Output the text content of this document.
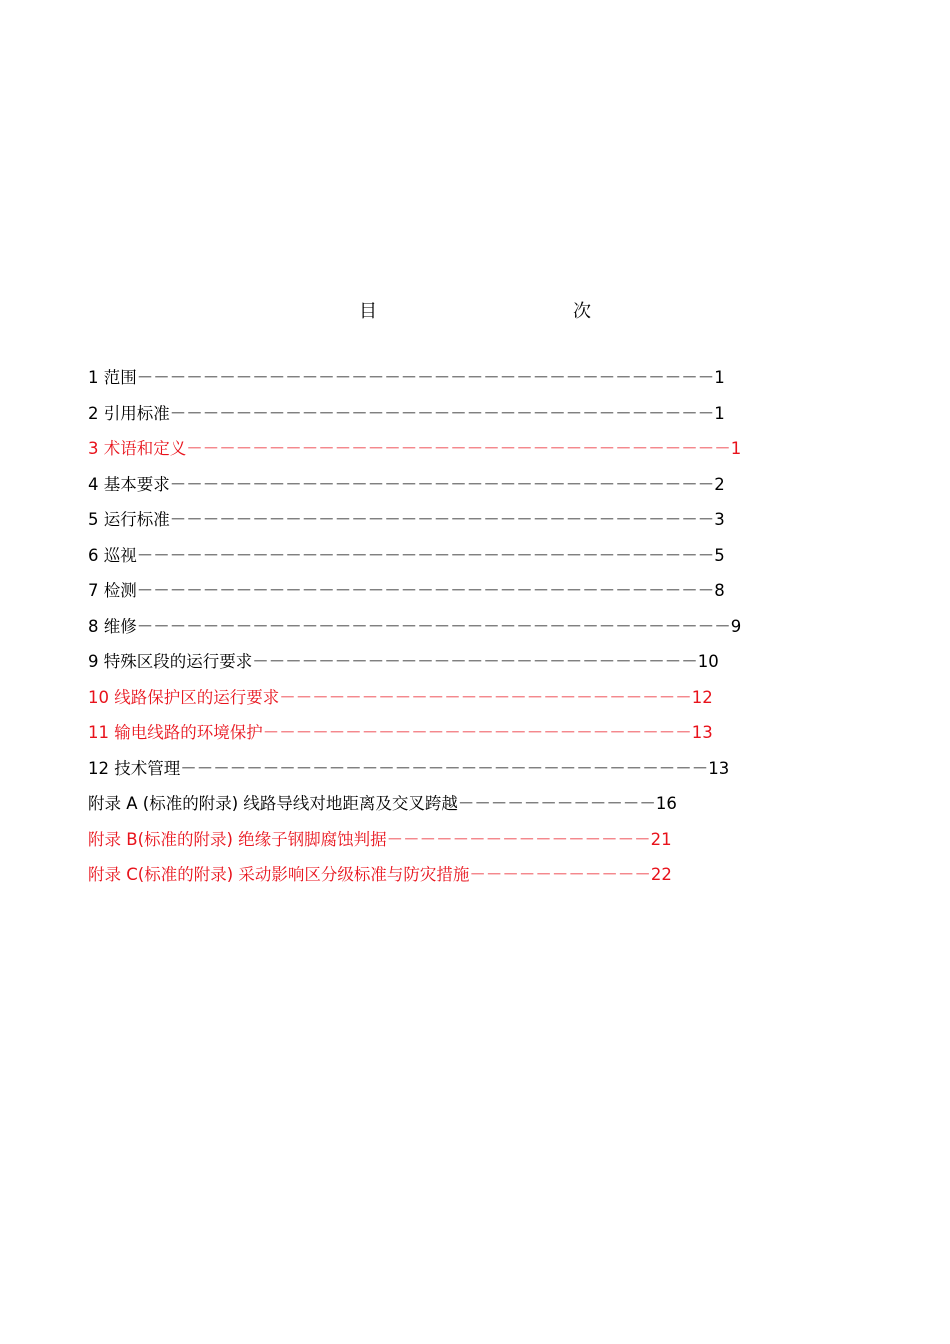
目	次
1 范围－－－－－－－－－－－－－－－－－－－－－－－－－－－－－－－－－－－1
2 引用标准－－－－－－－－－－－－－－－－－－－－－－－－－－－－－－－－－1
3 术语和定义－－－－－－－－－－－－－－－－－－－－－－－－－－－－－－－－－1
4 基本要求－－－－－－－－－－－－－－－－－－－－－－－－－－－－－－－－－2
5 运行标准－－－－－－－－－－－－－－－－－－－－－－－－－－－－－－－－－3
6 巡视－－－－－－－－－－－－－－－－－－－－－－－－－－－－－－－－－－－5
7 检测－－－－－－－－－－－－－－－－－－－－－－－－－－－－－－－－－－－8
8 维修－－－－－－－－－－－－－－－－－－－－－－－－－－－－－－－－－－－－9
9 特殊区段的运行要求－－－－－－－－－－－－－－－－－－－－－－－－－－－10
10 线路保护区的运行要求－－－－－－－－－－－－－－－－－－－－－－－－－12
11 输电线路的环境保护－－－－－－－－－－－－－－－－－－－－－－－－－－13
12 技术管理－－－－－－－－－－－－－－－－－－－－－－－－－－－－－－－－13
附录 A (标准的附录) 线路导线对地距离及交叉跨越－－－－－－－－－－－－16
附录 B(标准的附录) 绝缘子钢脚腐蚀判据－－－－－－－－－－－－－－－－21
附录 C(标准的附录) 采动影响区分级标准与防灾措施－－－－－－－－－－－22
